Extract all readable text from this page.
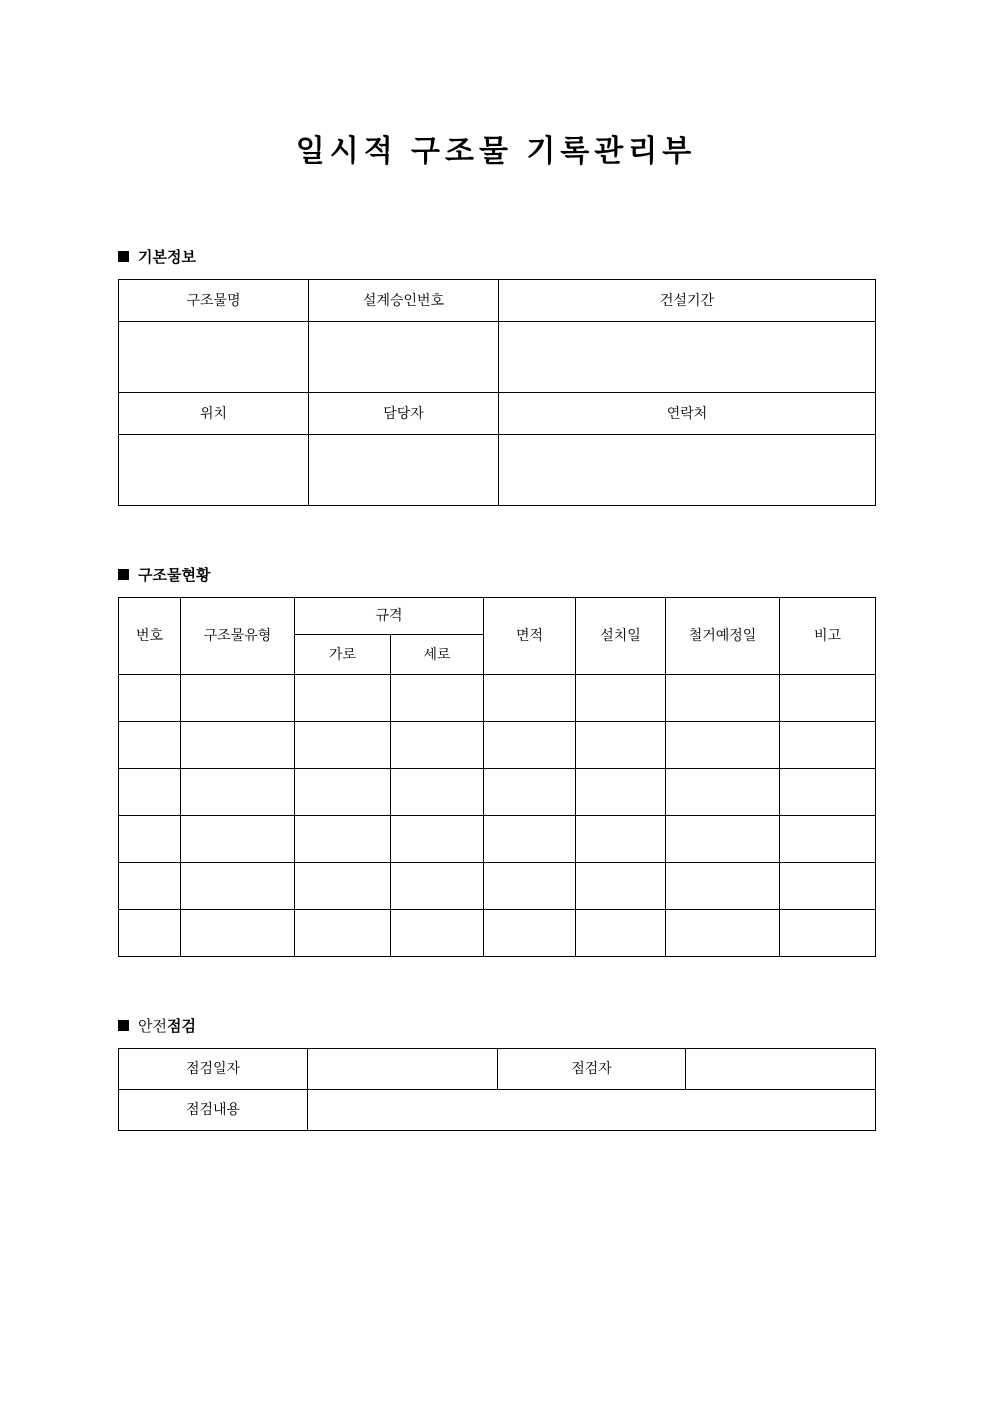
일시적 구조물 기록관리부
기본정보
구조물명	설계승인번호	건설기간

위치	담당자	연락처

구조물현황
번호	구조물유형	규격		면적	설치일	철거예정일	비고
		가로	세로				

안전 점검
점검일자		점검자	
점검내용			
